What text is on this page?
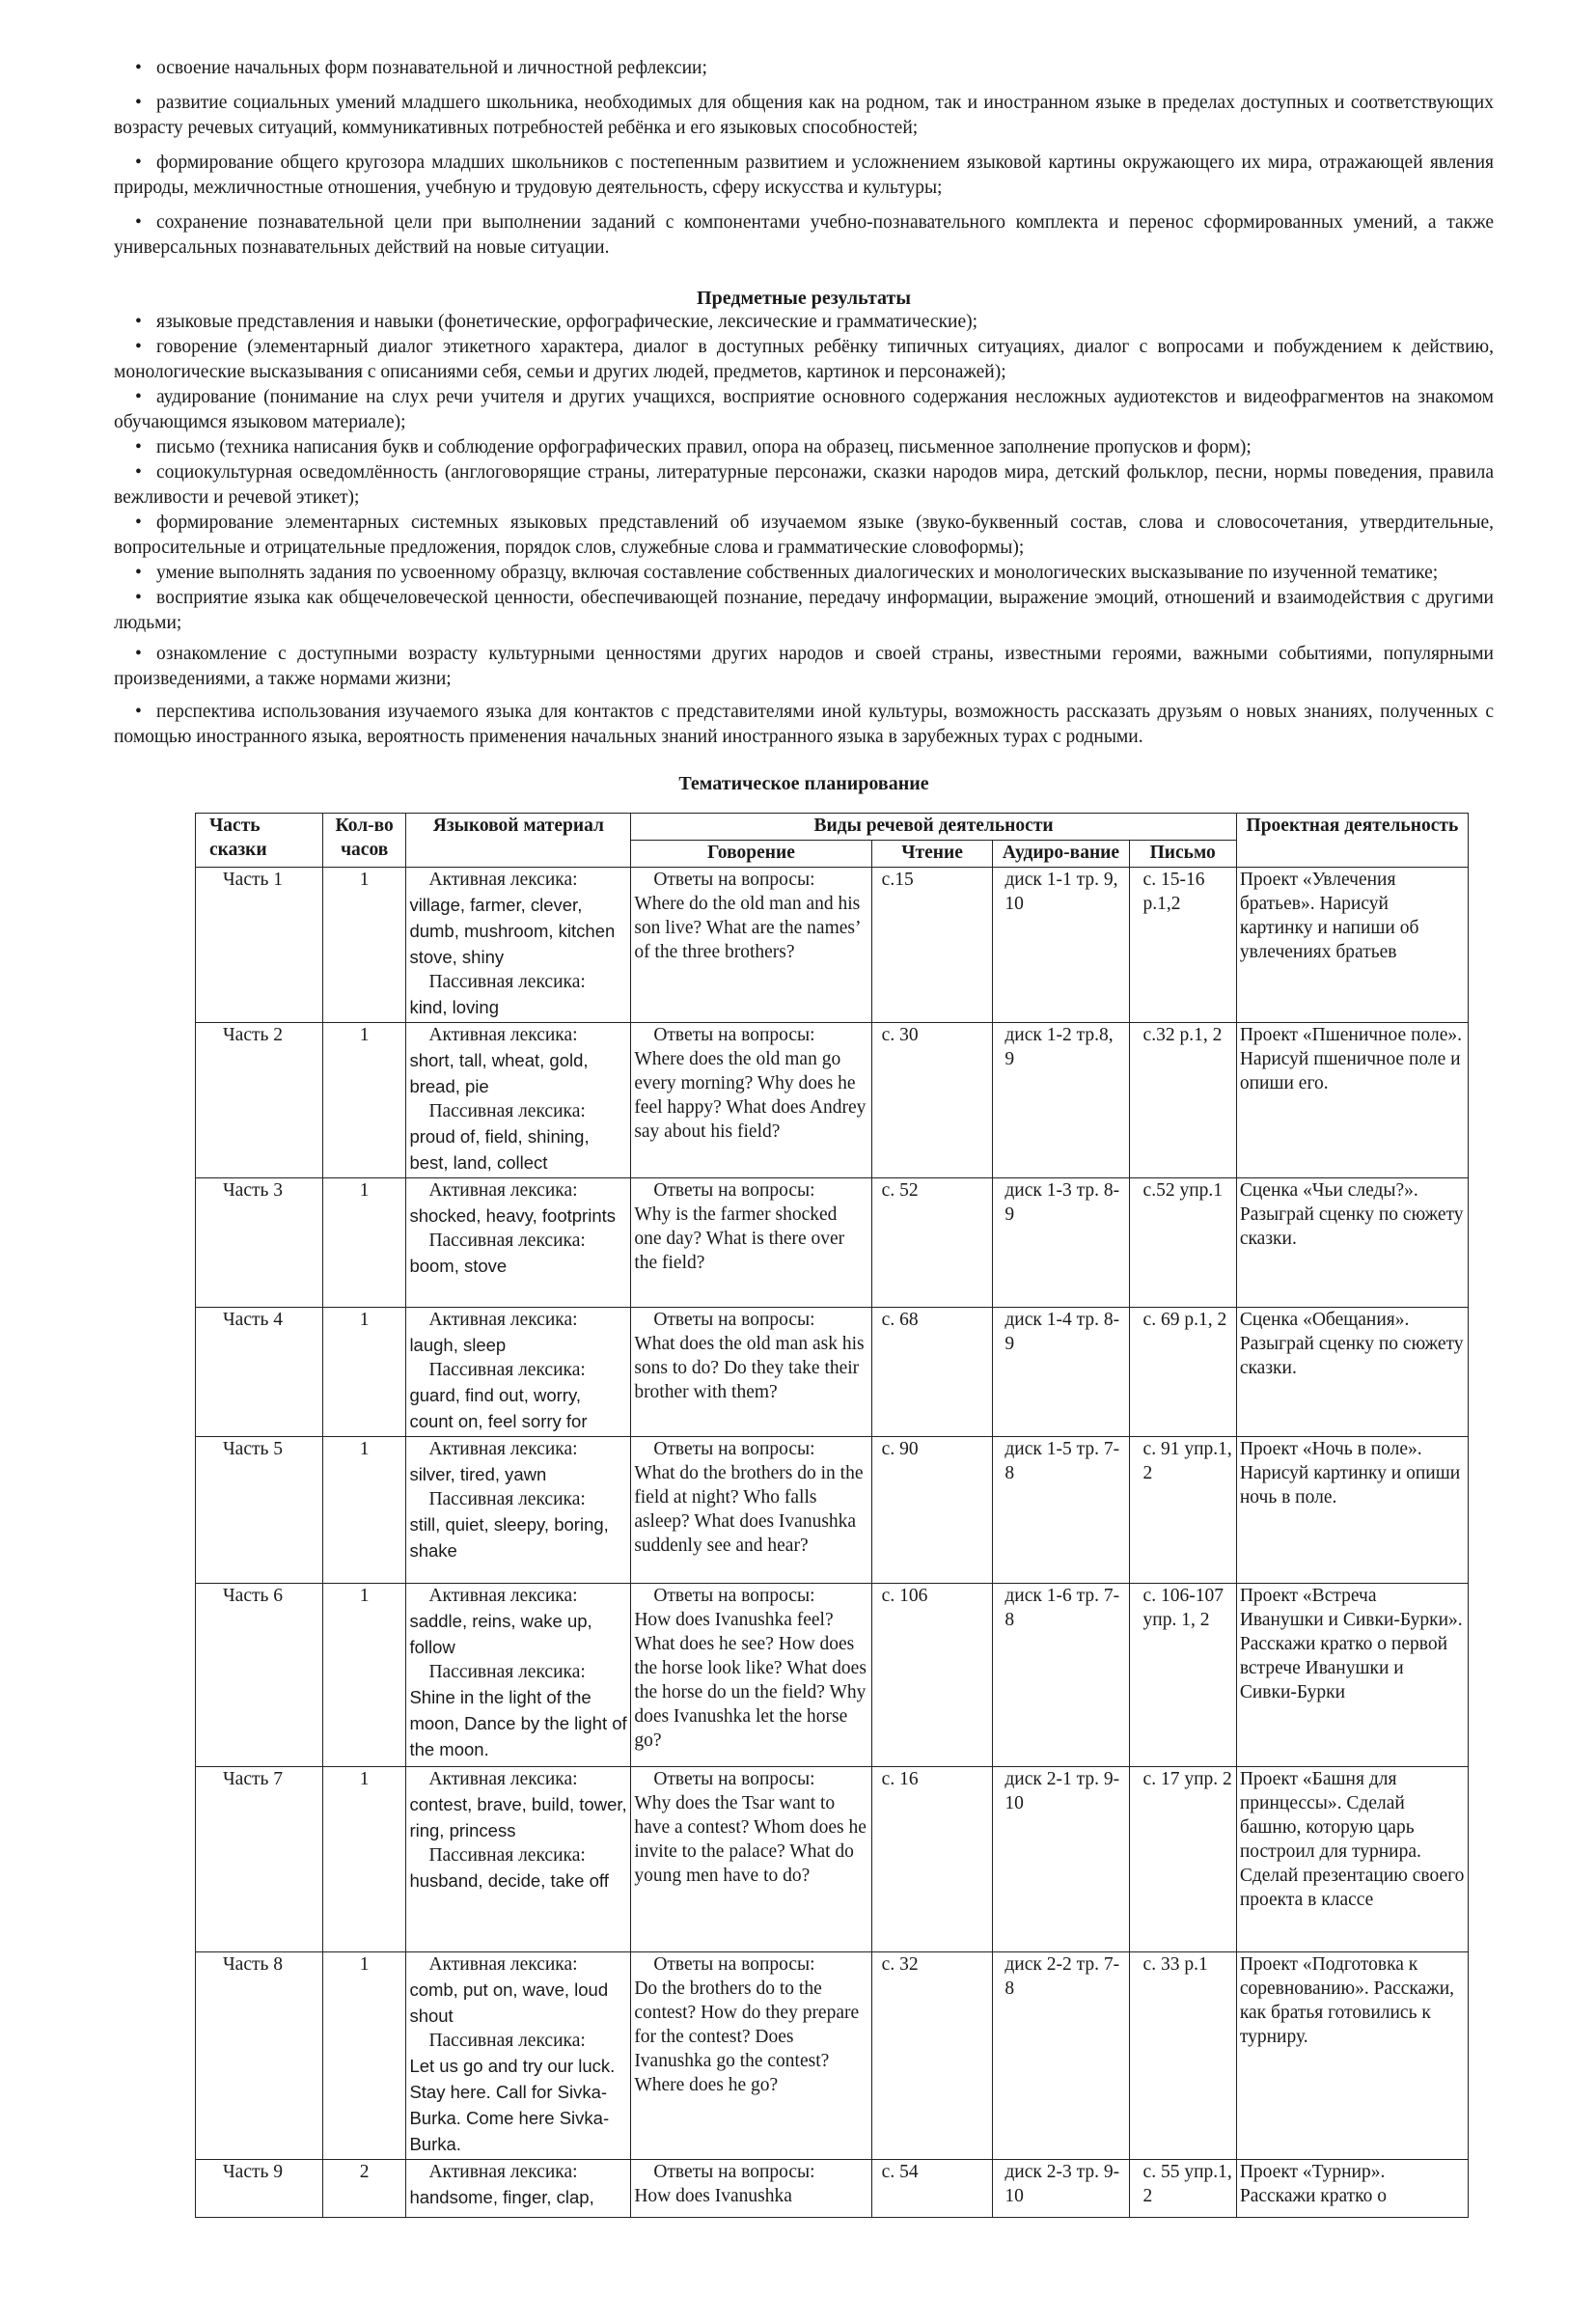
• освоение начальных форм познавательной и личностной рефлексии;

• развитие социальных умений младшего школьника, необходимых для общения как на родном, так и иностранном языке в пределах доступных и соответствующих возрасту речевых ситуаций, коммуникативных потребностей ребёнка и его языковых способностей;

• формирование общего кругозора младших школьников с постепенным развитием и усложнением языковой картины окружающего их мира, отражающей явления природы, межличностные отношения, учебную и трудовую деятельность, сферу искусства и культуры;

• сохранение познавательной цели при выполнении заданий с компонентами учебно-познавательного комплекта и перенос сформированных умений, а также универсальных познавательных действий на новые ситуации.

Предметные результаты

• языковые представления и навыки (фонетические, орфографические, лексические и грамматические);

• говорение (элементарный диалог этикетного характера, диалог в доступных ребёнку типичных ситуациях, диалог с вопросами и побуждением к действию, монологические высказывания с описаниями себя, семьи и других людей, предметов, картинок и персонажей);

• аудирование (понимание на слух речи учителя и других учащихся, восприятие основного содержания несложных аудиотекстов и видеофрагментов на знакомом обучающимся языковом материале);

• письмо (техника написания букв и соблюдение орфографических правил, опора на образец, письменное заполнение пропусков и форм);

• социокультурная осведомлённость (англоговорящие страны, литературные персонажи, сказки народов мира, детский фольклор, песни, нормы поведения, правила вежливости и речевой этикет);

• формирование элементарных системных языковых представлений об изучаемом языке (звуко-буквенный состав, слова и словосочетания, утвердительные, вопросительные и отрицательные предложения, порядок слов, служебные слова и грамматические словоформы);

• умение выполнять задания по усвоенному образцу, включая составление собственных диалогических и монологических высказывание по изученной тематике;

• восприятие языка как общечеловеческой ценности, обеспечивающей познание, передачу информации, выражение эмоций, отношений и взаимодействия с другими людьми;

• ознакомление с доступными возрасту культурными ценностями других народов и своей страны, известными героями, важными событиями, популярными произведениями, а также нормами жизни;

• перспектива использования изучаемого языка для контактов с представителями иной культуры, возможность рассказать друзьям о новых знаниях, полученных с помощью иностранного языка, вероятность применения начальных знаний иностранного языка в зарубежных турах с родными.

Тематическое планирование

Часть сказки	Кол-во часов	Языковой материал	Виды речевой деятельности				Проектная деятельность
			Говорение	Чтение	Аудиро-вание	Письмо	
Часть 1	1	Активная лексика:
village, farmer, clever, dumb, mushroom, kitchen stove, shiny
Пассивная лексика:
kind, loving	Ответы на вопросы:
Where do the old man and his son live? What are the names’ of the three brothers?	с.15	диск 1-1 тр. 9, 10	с. 15-16 р.1,2	Проект «Увлечения братьев». Нарисуй картинку и напиши об увлечениях братьев
Часть 2	1	Активная лексика:
short, tall, wheat, gold, bread, pie
Пассивная лексика:
proud of, field, shining, best, land, collect	Ответы на вопросы:
Where does the old man go every morning? Why does he feel happy? What does Andrey say about his field?	с. 30	диск 1-2 тр.8, 9	с.32 р.1, 2	Проект «Пшеничное поле». Нарисуй пшеничное поле и опиши его.
Часть 3	1	Активная лексика:
shocked, heavy, footprints
Пассивная лексика:
boom, stove	Ответы на вопросы:
Why is the farmer shocked one day? What is there over the field?	с. 52	диск 1-3 тр. 8-9	с.52 упр.1	Сценка «Чьи следы?». Разыграй сценку по сюжету сказки.
Часть 4	1	Активная лексика:
laugh, sleep
Пассивная лексика:
guard, find out, worry, count on, feel sorry for	Ответы на вопросы:
What does the old man ask his sons to do? Do they take their brother with them?	с. 68	диск 1-4 тр. 8-9	с. 69 р.1, 2	Сценка «Обещания». Разыграй сценку по сюжету сказки.
Часть 5	1	Активная лексика:
silver, tired, yawn
Пассивная лексика:
still, quiet, sleepy, boring, shake	Ответы на вопросы:
What do the brothers do in the field at night? Who falls asleep? What does Ivanushka suddenly see and hear?	с. 90	диск 1-5 тр. 7-8	с. 91 упр.1, 2	Проект «Ночь в поле». Нарисуй картинку и опиши ночь в поле.
Часть 6	1	Активная лексика:
saddle, reins, wake up, follow
Пассивная лексика:
Shine in the light of the moon, Dance by the light of the moon.	Ответы на вопросы:
How does Ivanushka feel? What does he see? How does the horse look like? What does the horse do un the field? Why does Ivanushka let the horse go?	с. 106	диск 1-6 тр. 7-8	с. 106-107 упр. 1, 2	Проект «Встреча Иванушки и Сивки-Бурки». Расскажи кратко о первой встрече Иванушки и Сивки-Бурки
Часть 7	1	Активная лексика:
contest, brave, build, tower, ring, princess
Пассивная лексика:
husband, decide, take off	Ответы на вопросы:
Why does the Tsar want to have a contest? Whom does he invite to the palace? What do young men have to do?	с. 16	диск 2-1 тр. 9-10	с. 17 упр. 2	Проект «Башня для принцессы». Сделай башню, которую царь построил для турнира. Сделай презентацию своего проекта в классе
Часть 8	1	Активная лексика:
comb, put on, wave, loud shout
Пассивная лексика:
Let us go and try our luck. Stay here. Call for Sivka-Burka. Come here Sivka-Burka.	Ответы на вопросы:
Do the brothers do to the contest? How do they prepare for the contest? Does Ivanushka go the contest? Where does he go?	с. 32	диск 2-2 тр. 7-8	с. 33 р.1	Проект «Подготовка к соревнованию». Расскажи, как братья готовились к турниру.
Часть 9	2	Активная лексика:
handsome, finger, clap,	Ответы на вопросы:
How does Ivanushka	с. 54	диск 2-3 тр. 9-10	с. 55 упр.1, 2	Проект «Турнир». Расскажи кратко о
